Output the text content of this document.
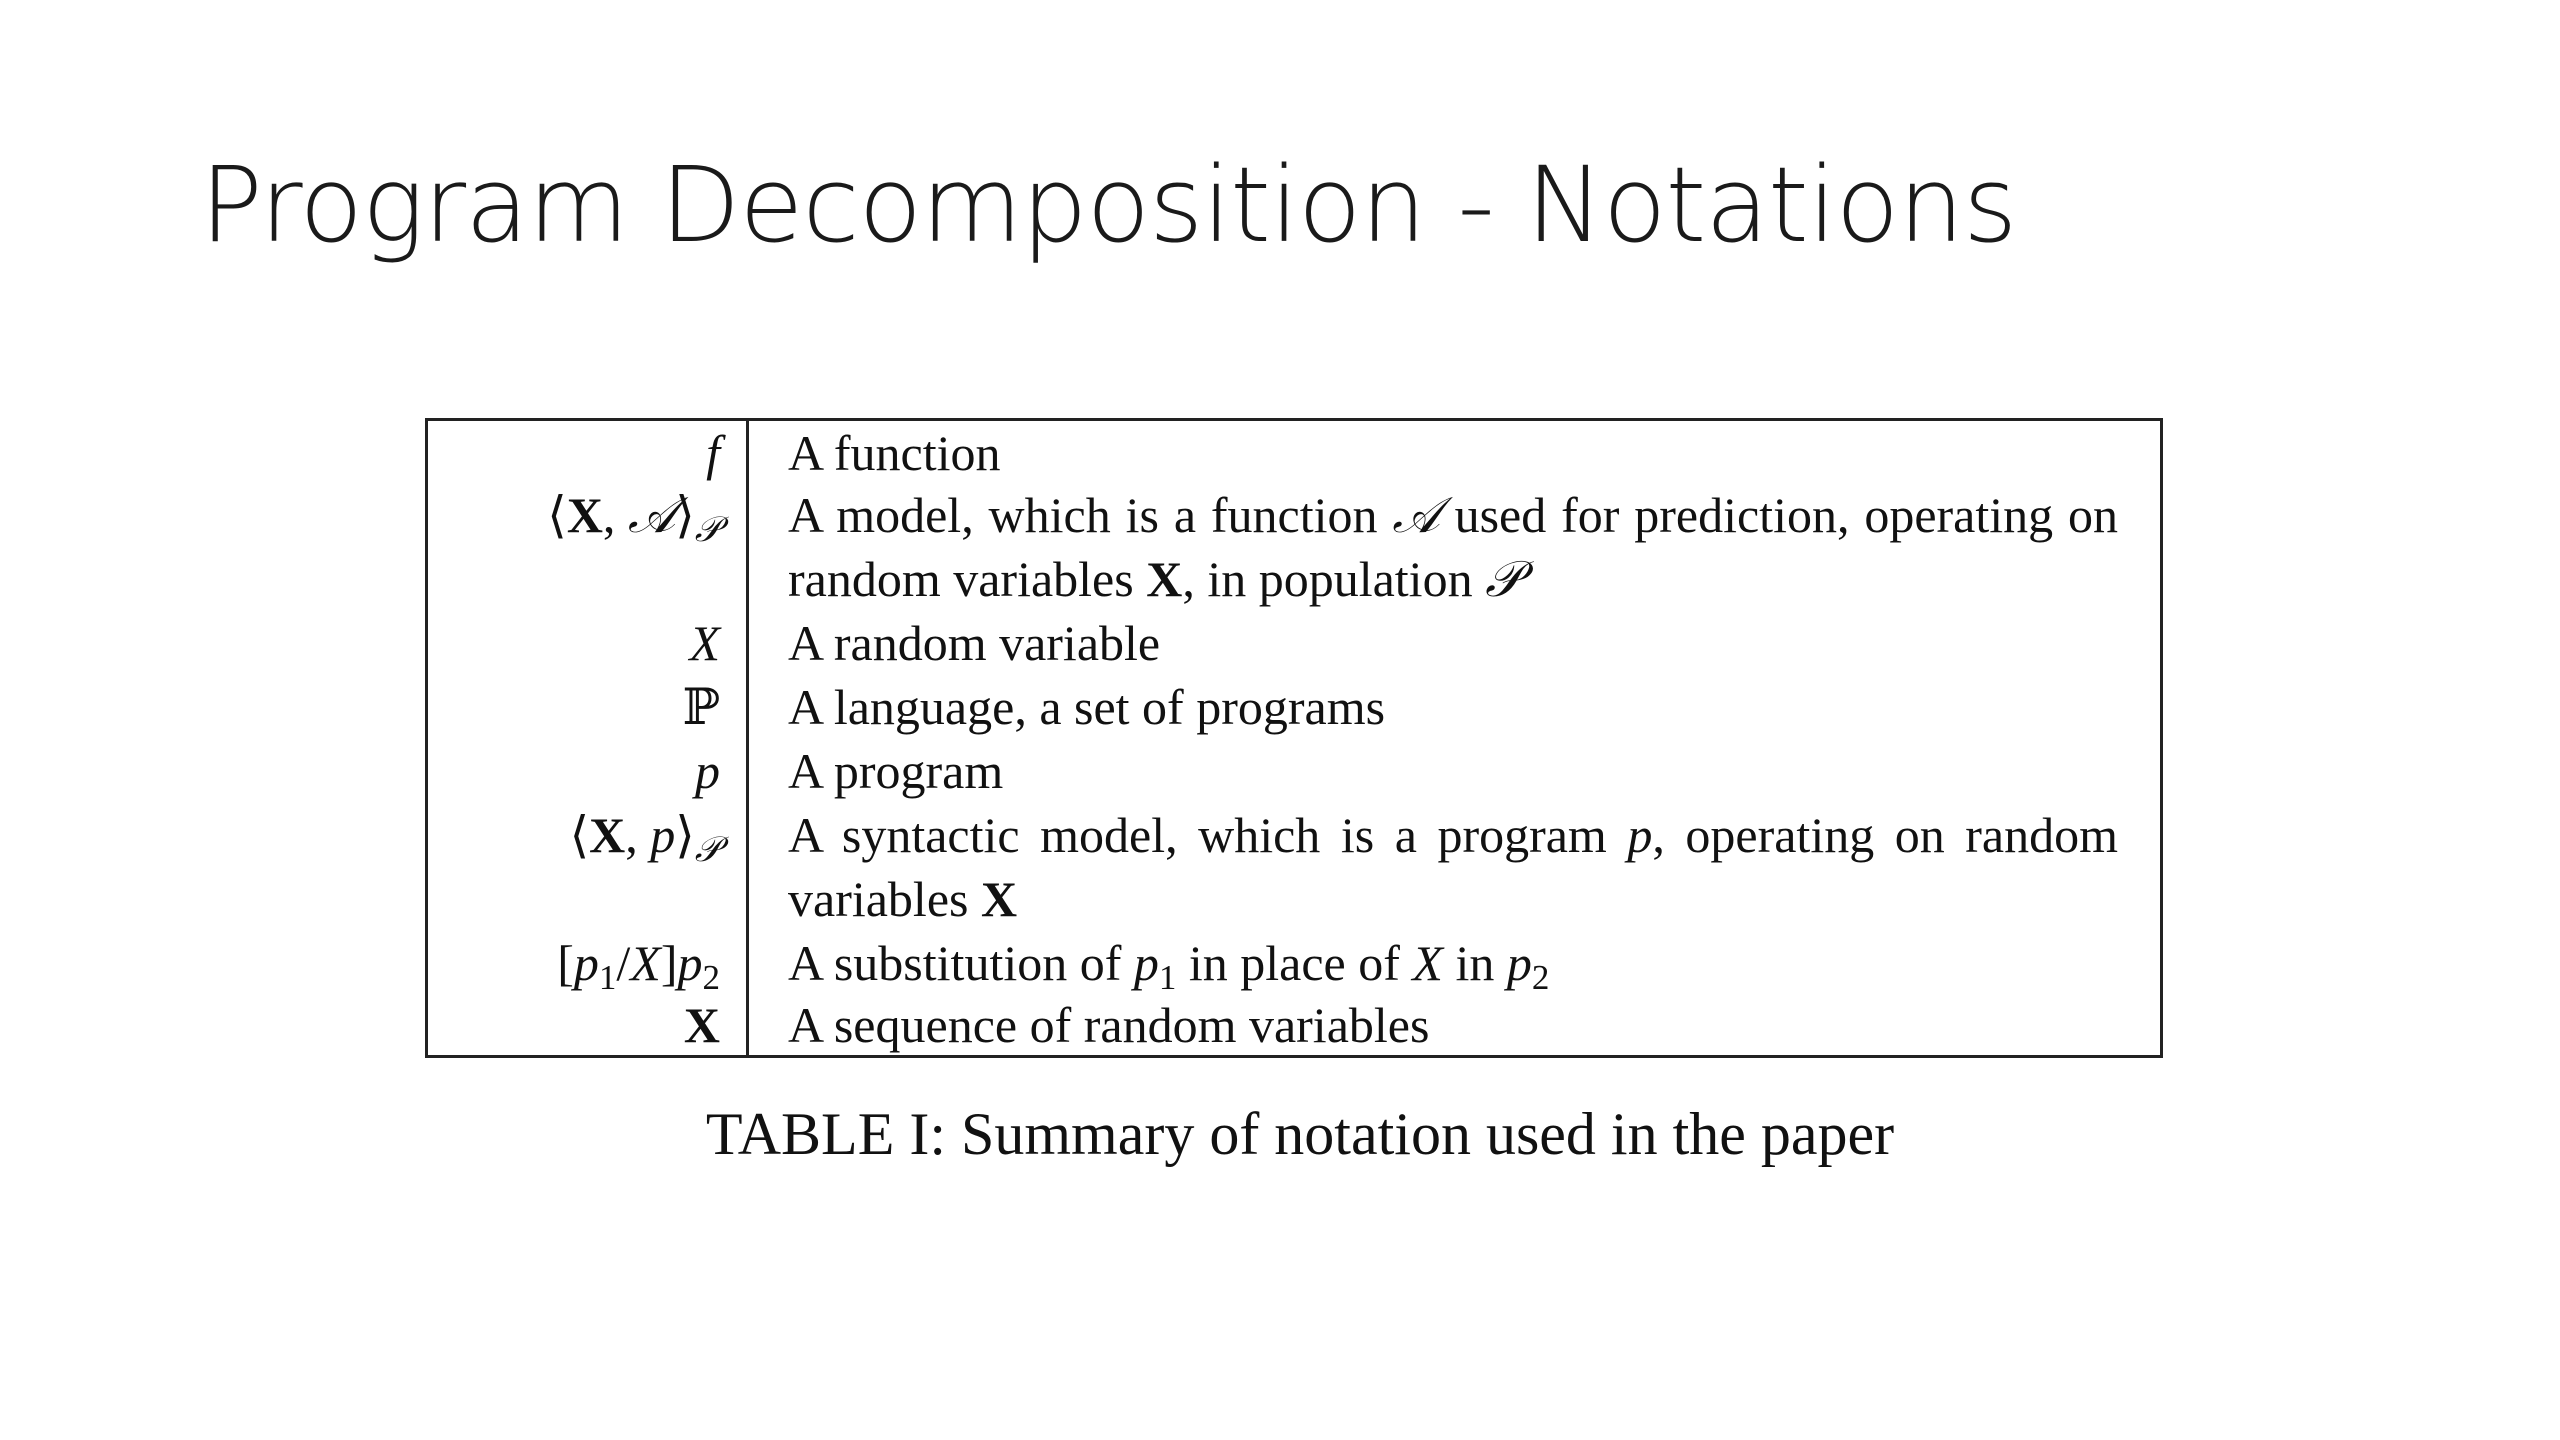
Program Decomposition - Notations
f A function
⟨X, $𝒜⟩_𝒫$ A model, which is a function 𝒜 used for prediction, operating on random variables X, in population 𝒫
X A random variable
ℙ A language, a set of programs
p A program
⟨X, $p⟩_𝒫$ A syntactic model, which is a program p, operating on random variables X
$[p_1/X]p_2$ A substitution of $p_1$ in place of X in $p_2$
X A sequence of random variables

TABLE I: Summary of notation used in the paper
